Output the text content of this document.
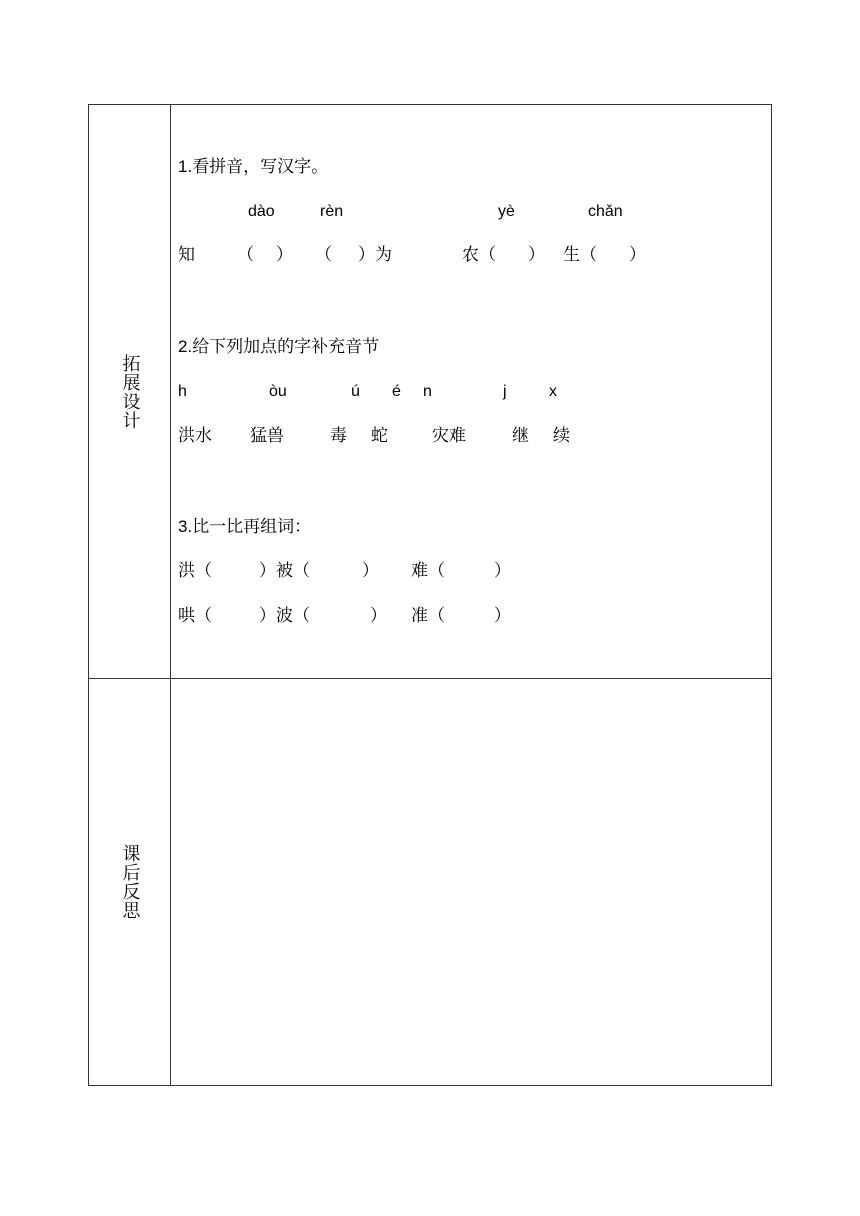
拓展设计
课后反思
1.看拼音，写汉字。
dào	rèn	yè	chǎn
知 （ ） （ ）为	农（ ） 生（ ）
2.给下列加点的字补充音节
h	òu	ú é n	j	x
洪水 猛兽	毒 蛇	灾难	继 续
3.比一比再组词：
洪（	）被（	） 难（	）
哄（	）波（	） 准（	）
